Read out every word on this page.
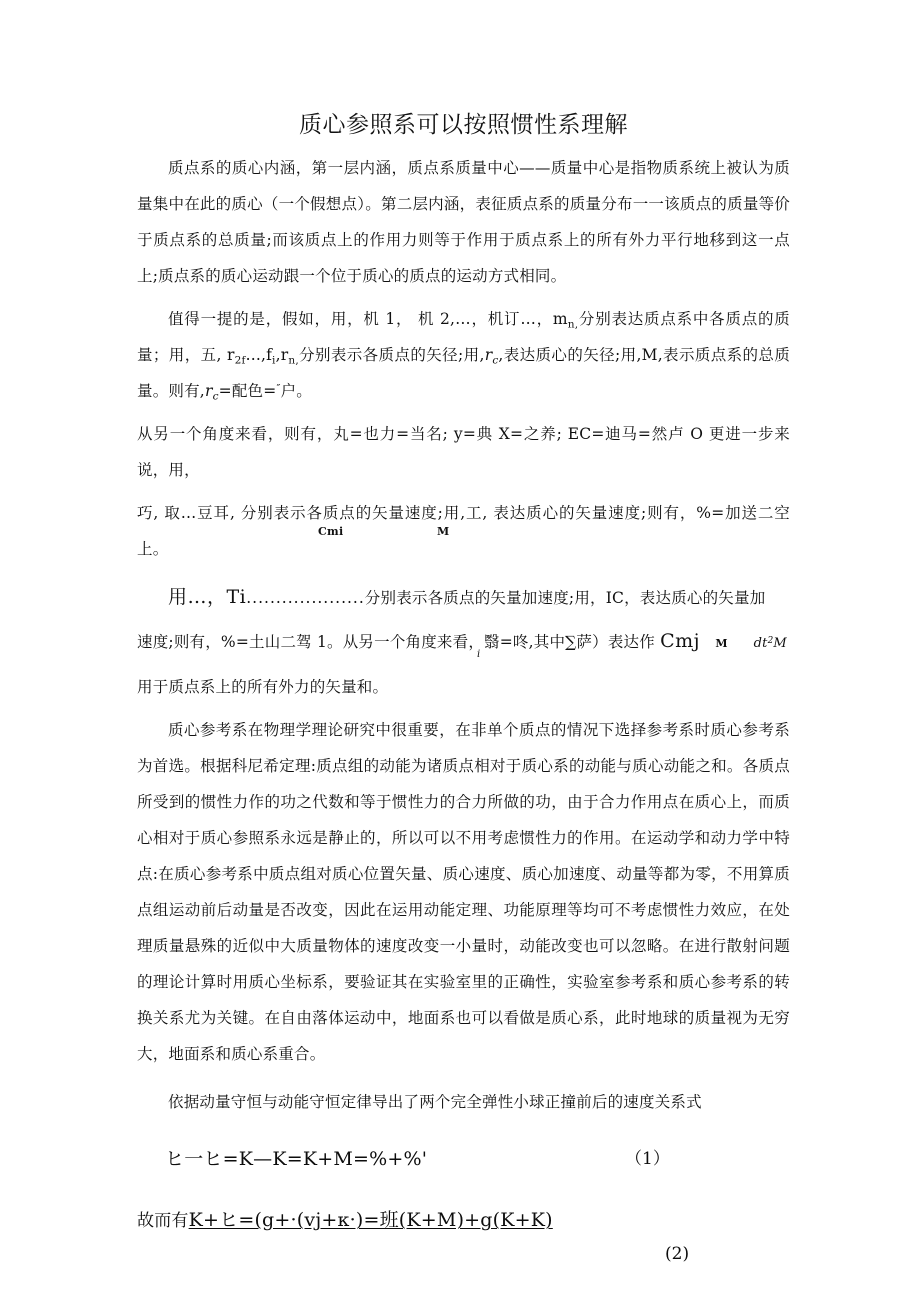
质心参照系可以按照惯性系理解

质点系的质心内涵，第一层内涵，质点系质量中心——质量中心是指物质系统上被认为质量集中在此的质心（一个假想点）。第二层内涵，表征质点系的质量分布一一该质点的质量等价于质点系的总质量;而该质点上的作用力则等于作用于质点系上的所有外力平行地移到这一点上;质点系的质心运动跟一个位于质心的质点的运动方式相同。

值得一提的是，假如，用，机 1， 机 2,…，机订…，$m_{n,}$分别表达质点系中各质点的质量；用，五, $r_{2f}...,f_i,r_{n,}$分别表示各质点的矢径;用$,r_c$,表达质心的矢径;用,M,表示质点系的总质量。则有$,r_c=$配色=″户。

从另一个角度来看，则有，丸=也力=当名; y=典 X=之养; EC=迪马=然卢 O 更进一步来说，用，

巧, 取…豆耳, 分别表示各质点的矢量速度;用,工, 表达质心的矢量速度;则有，%=加送二空上。

Cmi	M

用…，Ti....................分别表示各质点的矢量加速度;用，IC，表达质心的矢量加

速度;则有，%=土山二驾 1。从另一个角度来看，翳=咚,其中∑萨）表达作 Cmj M $dt^2M$

i

用于质点系上的所有外力的矢量和。

质心参考系在物理学理论研究中很重要，在非单个质点的情况下选择参考系时质心参考系为首选。根据科尼希定理:质点组的动能为诸质点相对于质心系的动能与质心动能之和。各质点所受到的惯性力作的功之代数和等于惯性力的合力所做的功，由于合力作用点在质心上，而质心相对于质心参照系永远是静止的，所以可以不用考虑惯性力的作用。在运动学和动力学中特点:在质心参考系中质点组对质心位置矢量、质心速度、质心加速度、动量等都为零，不用算质点组运动前后动量是否改变，因此在运用动能定理、功能原理等均可不考虑惯性力效应，在处理质量悬殊的近似中大质量物体的速度改变一小量时，动能改变也可以忽略。在进行散射问题的理论计算时用质心坐标系，要验证其在实验室里的正确性，实验室参考系和质心参考系的转换关系尤为关键。在自由落体运动中，地面系也可以看做是质心系，此时地球的质量视为无穷大，地面系和质心系重合。

依据动量守恒与动能守恒定律导出了两个完全弹性小球正撞前后的速度关系式

ヒ一ヒ=K—K=K+M=%+%'	（1）
故而有K+ヒ=(g+·(vj+κ·)=班(K+M)+g(K+K)
(2)
